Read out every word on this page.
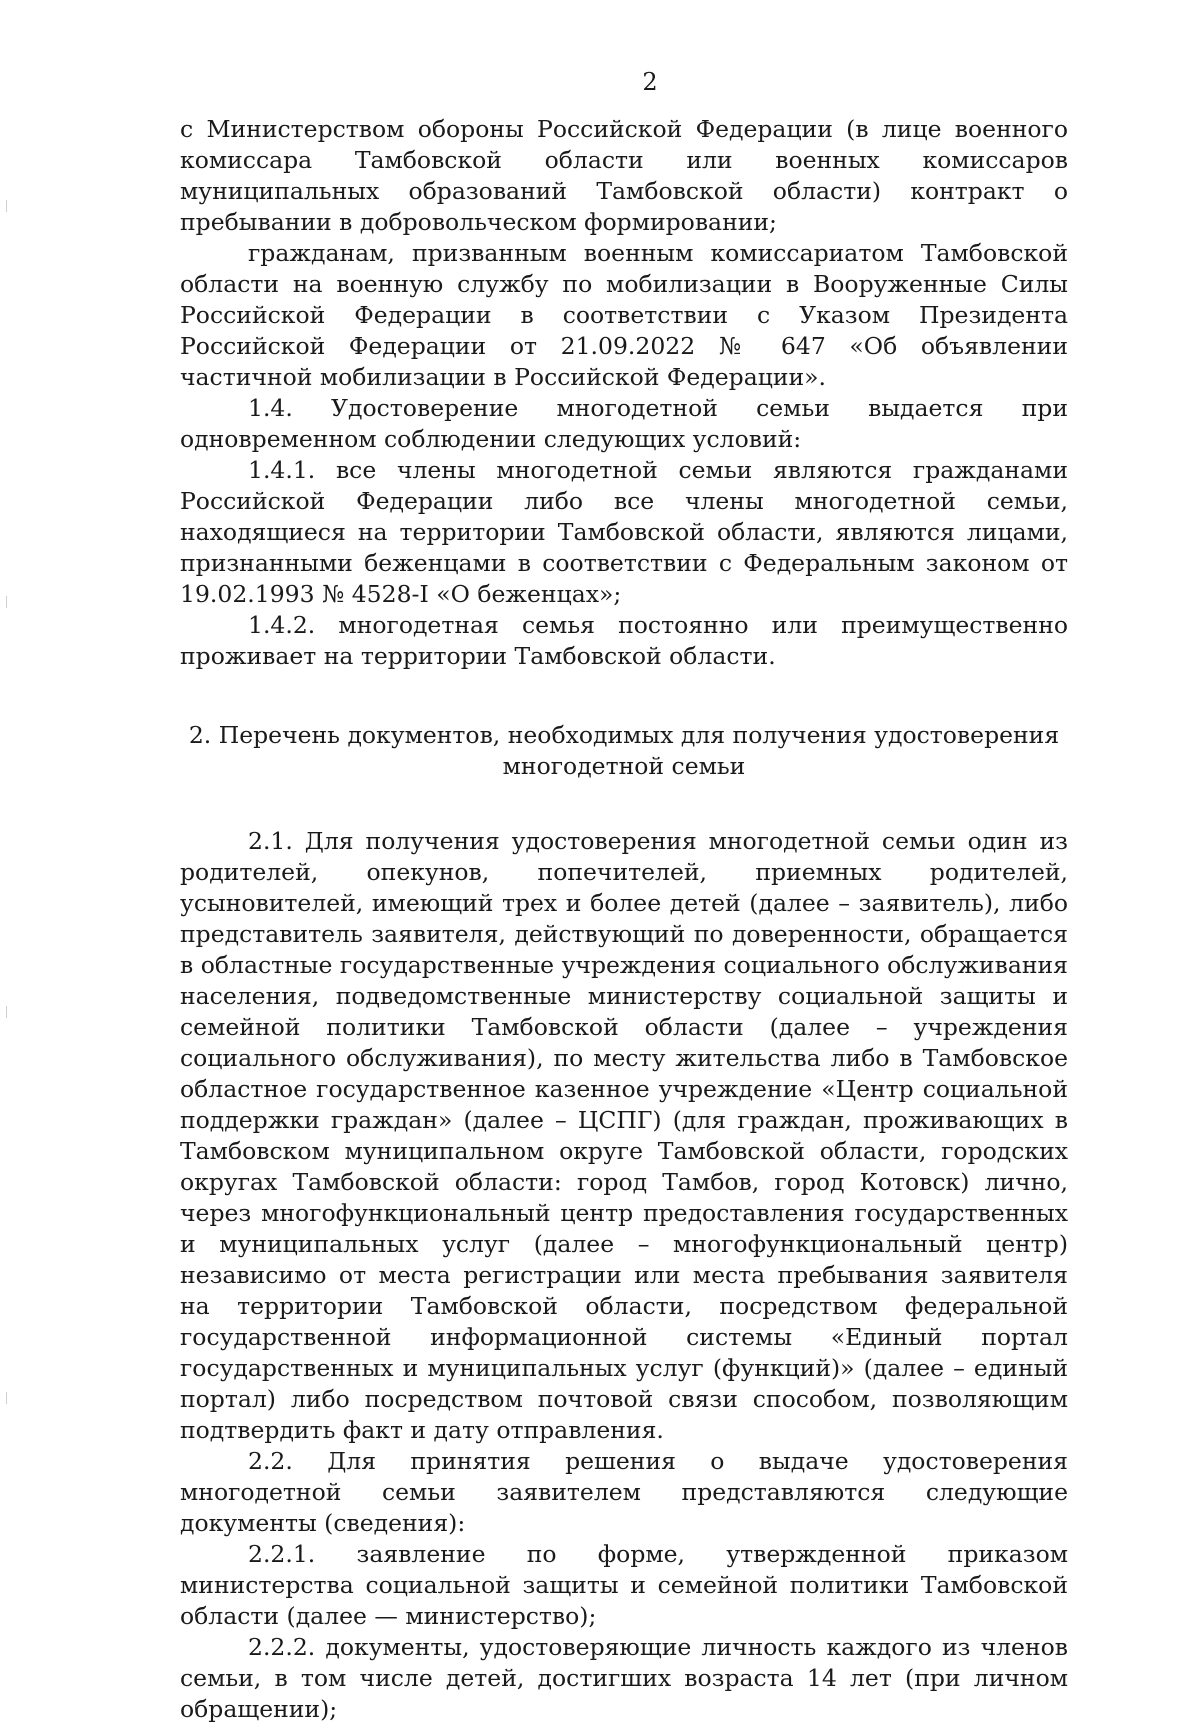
2

с Министерством обороны Российской Федерации (в лице военного комиссара Тамбовской области или военных комиссаров муниципальных образований Тамбовской области) контракт о пребывании в добровольческом формировании;

гражданам, призванным военным комиссариатом Тамбовской области на военную службу по мобилизации в Вооруженные Силы Российской Федерации в соответствии с Указом Президента Российской Федерации от 21.09.2022 № 647 «Об объявлении частичной мобилизации в Российской Федерации».

1.4. Удостоверение многодетной семьи выдается при одновременном соблюдении следующих условий:

1.4.1. все члены многодетной семьи являются гражданами Российской Федерации либо все члены многодетной семьи, находящиеся на территории Тамбовской области, являются лицами, признанными беженцами в соответствии с Федеральным законом от 19.02.1993 № 4528-I «О беженцах»;

1.4.2. многодетная семья постоянно или преимущественно проживает на территории Тамбовской области.

2. Перечень документов, необходимых для получения удостоверения
многодетной семьи

2.1. Для получения удостоверения многодетной семьи один из родителей, опекунов, попечителей, приемных родителей, усыновителей, имеющий трех и более детей (далее – заявитель), либо представитель заявителя, действующий по доверенности, обращается в областные государственные учреждения социального обслуживания населения, подведомственные министерству социальной защиты и семейной политики Тамбовской области (далее – учреждения социального обслуживания), по месту жительства либо в Тамбовское областное государственное казенное учреждение «Центр социальной поддержки граждан» (далее – ЦСПГ) (для граждан, проживающих в Тамбовском муниципальном округе Тамбовской области, городских округах Тамбовской области: город Тамбов, город Котовск) лично, через многофункциональный центр предоставления государственных и муниципальных услуг (далее – многофункциональный центр) независимо от места регистрации или места пребывания заявителя на территории Тамбовской области, посредством федеральной государственной информационной системы «Единый портал государственных и муниципальных услуг (функций)» (далее – единый портал) либо посредством почтовой связи способом, позволяющим подтвердить факт и дату отправления.

2.2. Для принятия решения о выдаче удостоверения многодетной семьи заявителем представляются следующие документы (сведения):

2.2.1. заявление по форме, утвержденной приказом министерства социальной защиты и семейной политики Тамбовской области (далее — министерство);

2.2.2. документы, удостоверяющие личность каждого из членов семьи, в том числе детей, достигших возраста 14 лет (при личном обращении);
